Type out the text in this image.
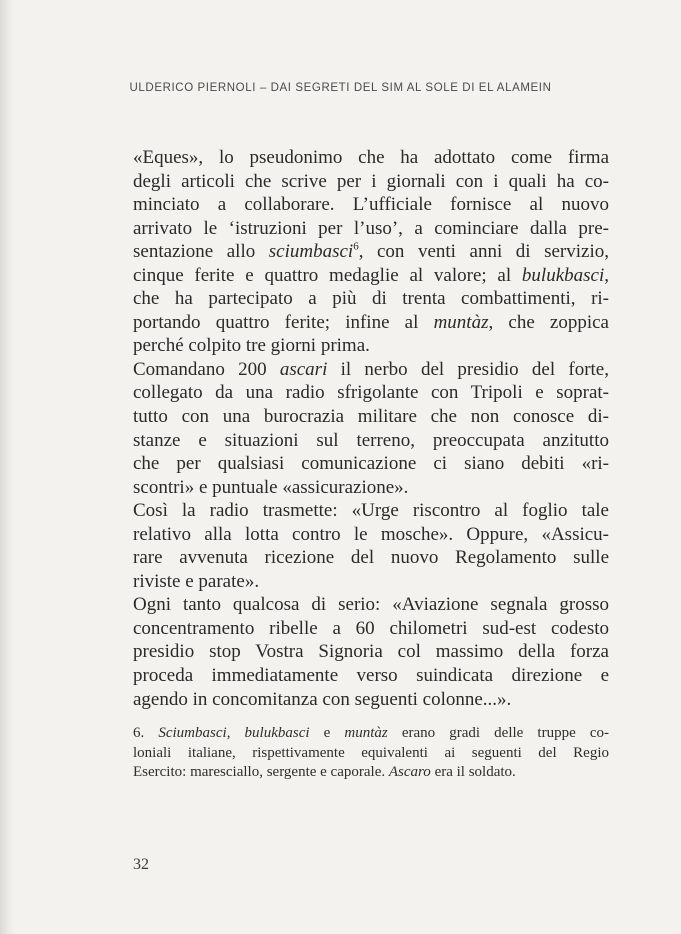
ULDERICO PIERNOLI – DAI SEGRETI DEL SIM AL SOLE DI EL ALAMEIN
«Eques», lo pseudonimo che ha adottato come firma
degli articoli che scrive per i giornali con i quali ha co-
minciato a collaborare. L’ufficiale fornisce al nuovo
arrivato le ‘istruzioni per l’uso’, a cominciare dalla pre-
sentazione allo sciumbasci$^6$, con venti anni di servizio,
cinque ferite e quattro medaglie al valore; al bulukbasci,
che ha partecipato a più di trenta combattimenti, ri-
portando quattro ferite; infine al muntàz, che zoppica
perché colpito tre giorni prima.
Comandano 200 ascari il nerbo del presidio del forte,
collegato da una radio sfrigolante con Tripoli e soprat-
tutto con una burocrazia militare che non conosce di-
stanze e situazioni sul terreno, preoccupata anzitutto
che per qualsiasi comunicazione ci siano debiti «ri-
scontri» e puntuale «assicurazione».
Così la radio trasmette: «Urge riscontro al foglio tale
relativo alla lotta contro le mosche». Oppure, «Assicu-
rare avvenuta ricezione del nuovo Regolamento sulle
riviste e parate».
Ogni tanto qualcosa di serio: «Aviazione segnala grosso
concentramento ribelle a 60 chilometri sud-est codesto
presidio stop Vostra Signoria col massimo della forza
proceda immediatamente verso suindicata direzione e
agendo in concomitanza con seguenti colonne...».
6. Sciumbasci, bulukbasci e muntàz erano gradi delle truppe co-
loniali italiane, rispettivamente equivalenti ai seguenti del Regio
Esercito: maresciallo, sergente e caporale. Ascaro era il soldato.
32
